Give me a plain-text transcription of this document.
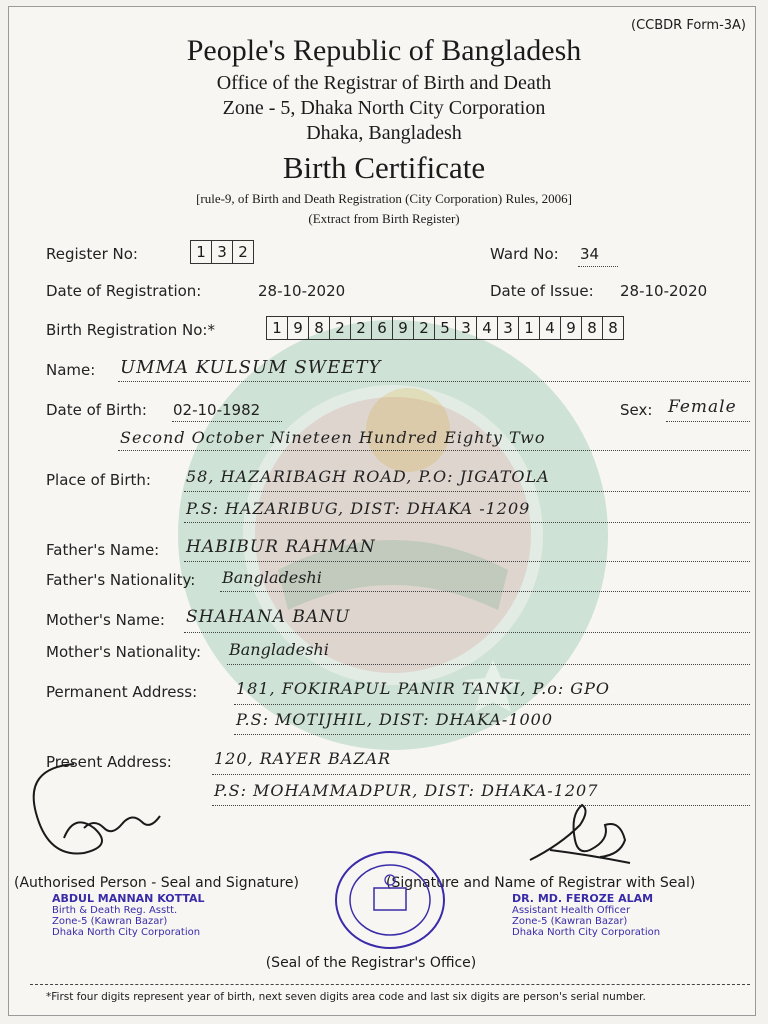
(CCBDR Form-3A)
People's Republic of Bangladesh
Office of the Registrar of Birth and Death
Zone - 5, Dhaka North City Corporation
Dhaka, Bangladesh
Birth Certificate
[rule-9, of Birth and Death Registration (City Corporation) Rules, 2006]
(Extract from Birth Register)
Register No:	1 3 2	Ward No: 34
Date of Registration:	28-10-2020	Date of Issue: 28-10-2020
Birth Registration No:*	1 9 8 2 2 6 9 2 5 3 4 3 1 4 9 8 8
Name: UMMA KULSUM SWEETY
Date of Birth: 02-10-1982	Sex: Female
Second October Nineteen Hundred Eighty Two
Place of Birth: 58, HAZARIBAGH ROAD, P.O: JIGATOLA
P.S: HAZARIBUG, DIST: DHAKA -1209
Father's Name: HABIBUR RAHMAN
Father's Nationality: Bangladeshi
Mother's Name: SHAHANA BANU
Mother's Nationality: Bangladeshi
Permanent Address: 181, FOKIRAPUL PANIR TANKI, P.o: GPO
P.S: MOTIJHIL, DIST: DHAKA-1000
Present Address:	120, RAYER BAZAR
P.S: MOHAMMADPUR, DIST: DHAKA-1207
(Authorised Person - Seal and Signature)	(Signature and Name of Registrar with Seal)
ABDUL MANNAN KOTTAL
Birth & Death Reg. Asstt.
Zone-5 (Kawran Bazar)
Dhaka North City Corporation
DR. MD. FEROZE ALAM
Assistant Health Officer
Zone-5 (Kawran Bazar)
Dhaka North City Corporation
(Seal of the Registrar's Office)
*First four digits represent year of birth, next seven digits area code and last six digits are person's serial number.
